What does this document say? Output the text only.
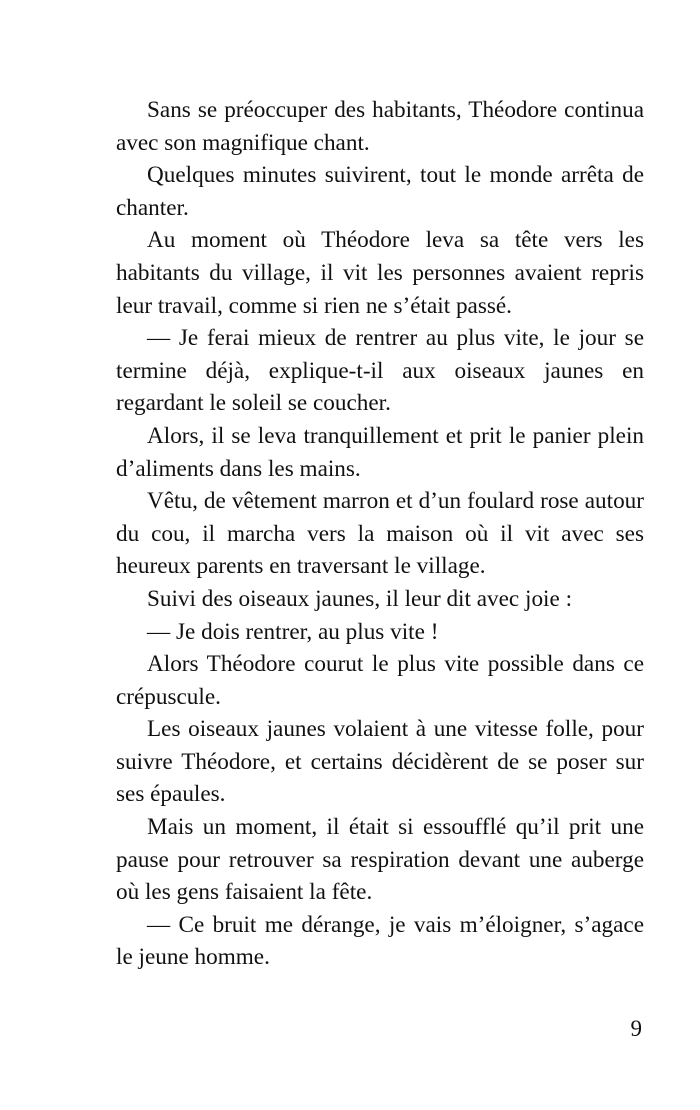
Sans se préoccuper des habitants, Théodore continua avec son magnifique chant.

Quelques minutes suivirent, tout le monde arrêta de chanter.

Au moment où Théodore leva sa tête vers les habitants du village, il vit les personnes avaient repris leur travail, comme si rien ne s’était passé.

— Je ferai mieux de rentrer au plus vite, le jour se termine déjà, explique-t-il aux oiseaux jaunes en regardant le soleil se coucher.

Alors, il se leva tranquillement et prit le panier plein d’aliments dans les mains.

Vêtu, de vêtement marron et d’un foulard rose autour du cou, il marcha vers la maison où il vit avec ses heureux parents en traversant le village.

Suivi des oiseaux jaunes, il leur dit avec joie :

— Je dois rentrer, au plus vite !

Alors Théodore courut le plus vite possible dans ce crépuscule.

Les oiseaux jaunes volaient à une vitesse folle, pour suivre Théodore, et certains décidèrent de se poser sur ses épaules.

Mais un moment, il était si essoufflé qu’il prit une pause pour retrouver sa respiration devant une auberge où les gens faisaient la fête.

— Ce bruit me dérange, je vais m’éloigner, s’agace le jeune homme.

9
